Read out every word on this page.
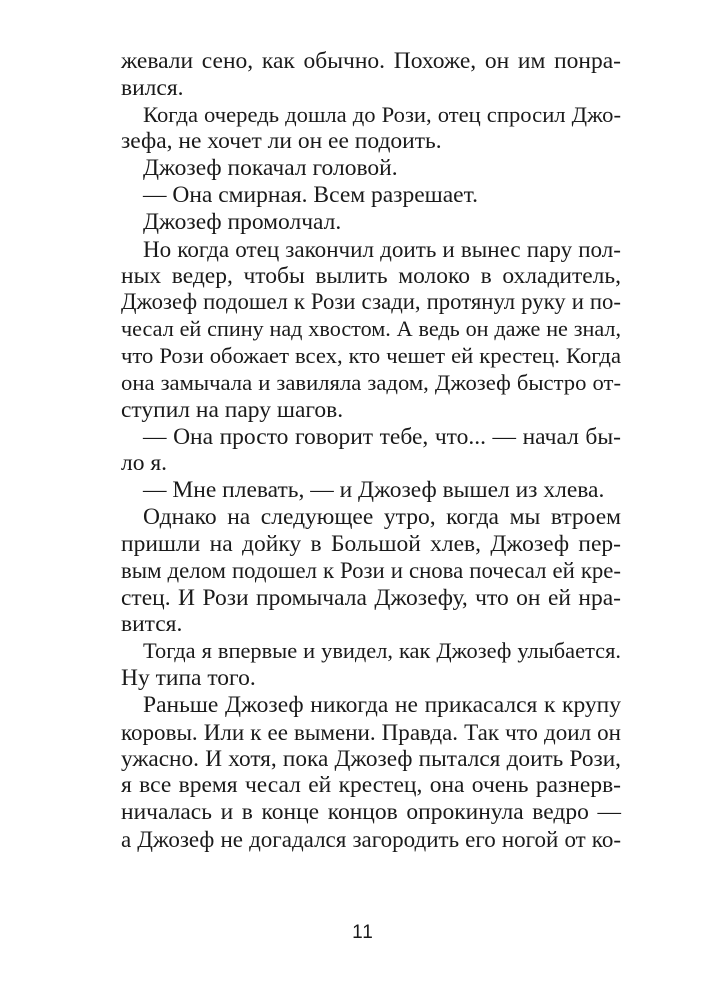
жевали сено, как обычно. Похоже, он им понра-
вился.
Когда очередь дошла до Рози, отец спросил Джо-
зефа, не хочет ли он ее подоить.
Джозеф покачал головой.
— Она смирная. Всем разрешает.
Джозеф промолчал.
Но когда отец закончил доить и вынес пару пол-
ных ведер, чтобы вылить молоко в охладитель,
Джозеф подошел к Рози сзади, протянул руку и по-
чесал ей спину над хвостом. А ведь он даже не знал,
что Рози обожает всех, кто чешет ей крестец. Когда
она замычала и завиляла задом, Джозеф быстро от-
ступил на пару шагов.
— Она просто говорит тебе, что... — начал бы-
ло я.
— Мне плевать, — и Джозеф вышел из хлева.
Однако на следующее утро, когда мы втроем
пришли на дойку в Большой хлев, Джозеф пер-
вым делом подошел к Рози и снова почесал ей кре-
стец. И Рози промычала Джозефу, что он ей нра-
вится.
Тогда я впервые и увидел, как Джозеф улыбается.
Ну типа того.
Раньше Джозеф никогда не прикасался к крупу
коровы. Или к ее вымени. Правда. Так что доил он
ужасно. И хотя, пока Джозеф пытался доить Рози,
я все время чесал ей крестец, она очень разнерв-
ничалась и в конце концов опрокинула ведро —
а Джозеф не догадался загородить его ногой от ко-
11
